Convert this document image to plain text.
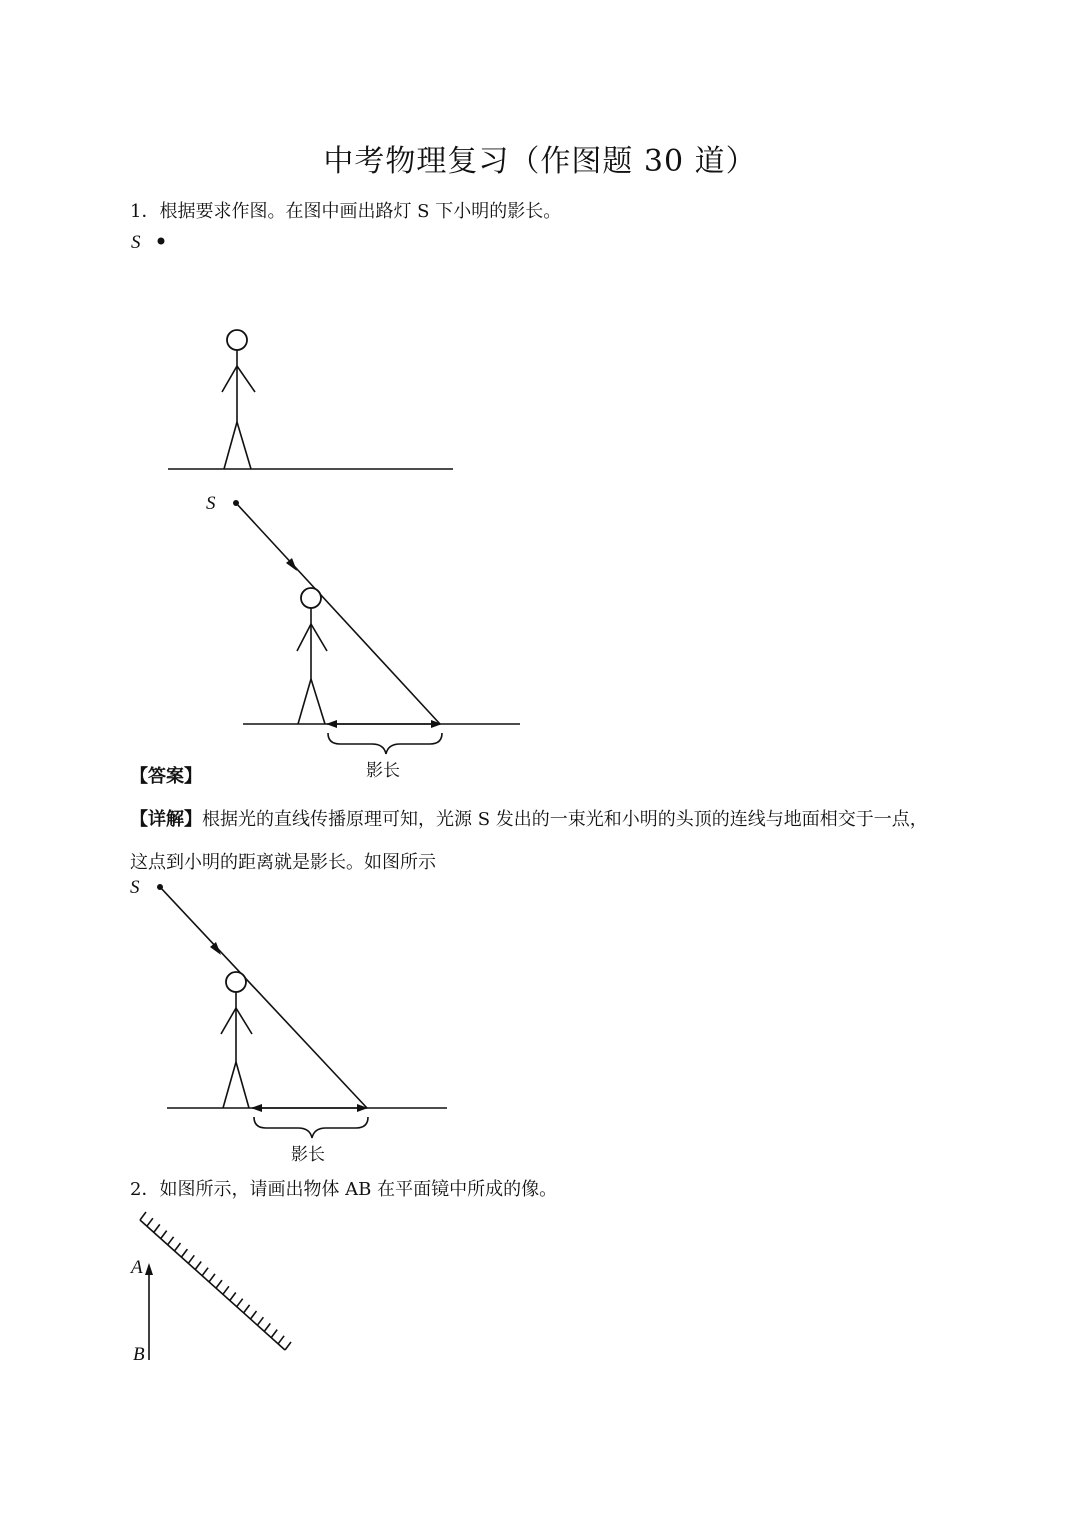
中考物理复习（作图题 30 道）
1．根据要求作图。在图中画出路灯 S 下小明的影长。
S
S
影长
【答案】
【详解】根据光的直线传播原理可知，光源 S 发出的一束光和小明的头顶的连线与地面相交于一点，
这点到小明的距离就是影长。如图所示
S
影长
2．如图所示，请画出物体 AB 在平面镜中所成的像。
A
B
